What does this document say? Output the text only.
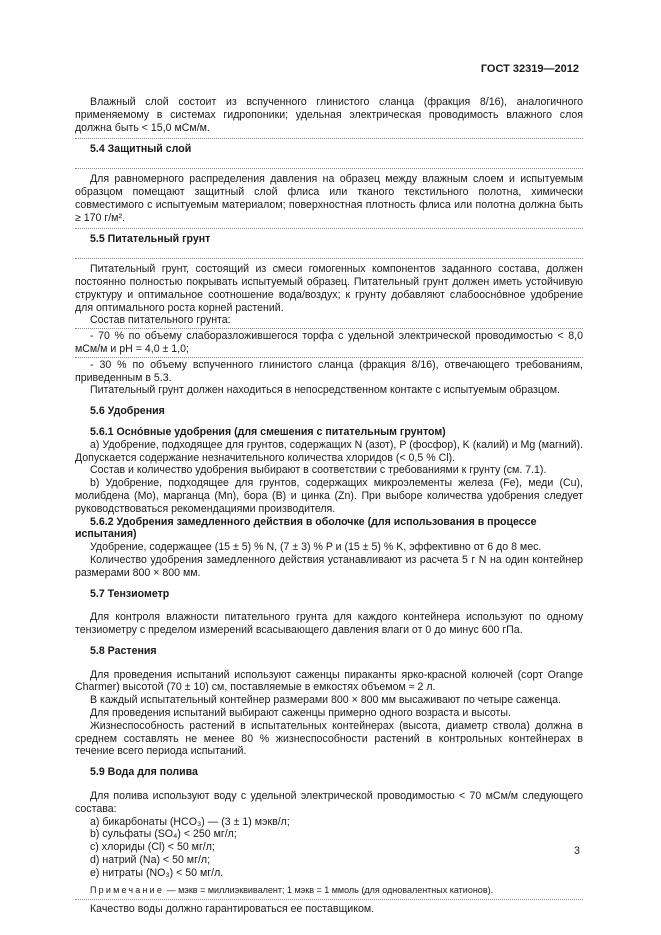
ГОСТ 32319—2012

Влажный слой состоит из вспученного глинистого сланца (фракция 8/16), аналогичного применяемому в системах гидропоники; удельная электрическая проводимость влажного слоя должна быть < 15,0 мСм/м.

5.4 Защитный слой

Для равномерного распределения давления на образец между влажным слоем и испытуемым образцом помещают защитный слой флиса или тканого текстильного полотна, химически совместимого с испытуемым материалом; поверхностная плотность флиса или полотна должна быть ≥ 170 г/м².

5.5 Питательный грунт

Питательный грунт, состоящий из смеси гомогенных компонентов заданного состава, должен постоянно полностью покрывать испытуемый образец. Питательный грунт должен иметь устойчивую структуру и оптимальное соотношение вода/воздух; к грунту добавляют слабоосно́вное удобрение для оптимального роста корней растений.

Состав питательного грунта:

- 70 % по объему слаборазложившегося торфа с удельной электрической проводимостью < 8,0 мСм/м и рН = 4,0 ± 1,0;

- 30 % по объему вспученного глинистого сланца (фракция 8/16), отвечающего требованиям, приведенным в 5.3.

Питательный грунт должен находиться в непосредственном контакте с испытуемым образцом.

5.6 Удобрения
5.6.1 Осно́вные удобрения (для смешения с питательным грунтом)

а) Удобрение, подходящее для грунтов, содержащих N (азот), P (фосфор), K (калий) и Mg (магний). Допускается содержание незначительного количества хлоридов (< 0,5 % Cl).

Состав и количество удобрения выбирают в соответствии с требованиями к грунту (см. 7.1).

b) Удобрение, подходящее для грунтов, содержащих микроэлементы железа (Fe), меди (Cu), молибдена (Mo), марганца (Mn), бора (B) и цинка (Zn). При выборе количества удобрения следует руководствоваться рекомендациями производителя.

5.6.2 Удобрения замедленного действия в оболочке (для использования в процессе испытания)

Удобрение, содержащее (15 ± 5) % N, (7 ± 3) % P и (15 ± 5) % K, эффективно от 6 до 8 мес.

Количество удобрения замедленного действия устанавливают из расчета 5 г N на один контейнер размерами 800 × 800 мм.

5.7 Тензиометр

Для контроля влажности питательного грунта для каждого контейнера используют по одному тензиометру с пределом измерений всасывающего давления влаги от 0 до минус 600 гПа.

5.8 Растения

Для проведения испытаний используют саженцы пираканты ярко-красной колючей (сорт Orange Charmer) высотой (70 ± 10) см, поставляемые в емкостях объемом ≈ 2 л.

В каждый испытательный контейнер размерами 800 × 800 мм высаживают по четыре саженца.

Для проведения испытаний выбирают саженцы примерно одного возраста и высоты.

Жизнеспособность растений в испытательных контейнерах (высота, диаметр ствола) должна в среднем составлять не менее 80 % жизнеспособности растений в контрольных контейнерах в течение всего периода испытаний.

5.9 Вода для полива

Для полива используют воду с удельной электрической проводимостью < 70 мСм/м следующего состава:

а) бикарбонаты (HCO₃) — (3 ± 1) мэкв/л;
b) сульфаты (SO₄) < 250 мг/л;
c) хлориды (Cl) < 50 мг/л;
d) натрий (Na) < 50 мг/л;
e) нитраты (NO₃) < 50 мг/л.
Примечание — мэкв = миллиэквивалент; 1 мэкв = 1 ммоль (для одновалентных катионов).

Качество воды должно гарантироваться ее поставщиком.

3
